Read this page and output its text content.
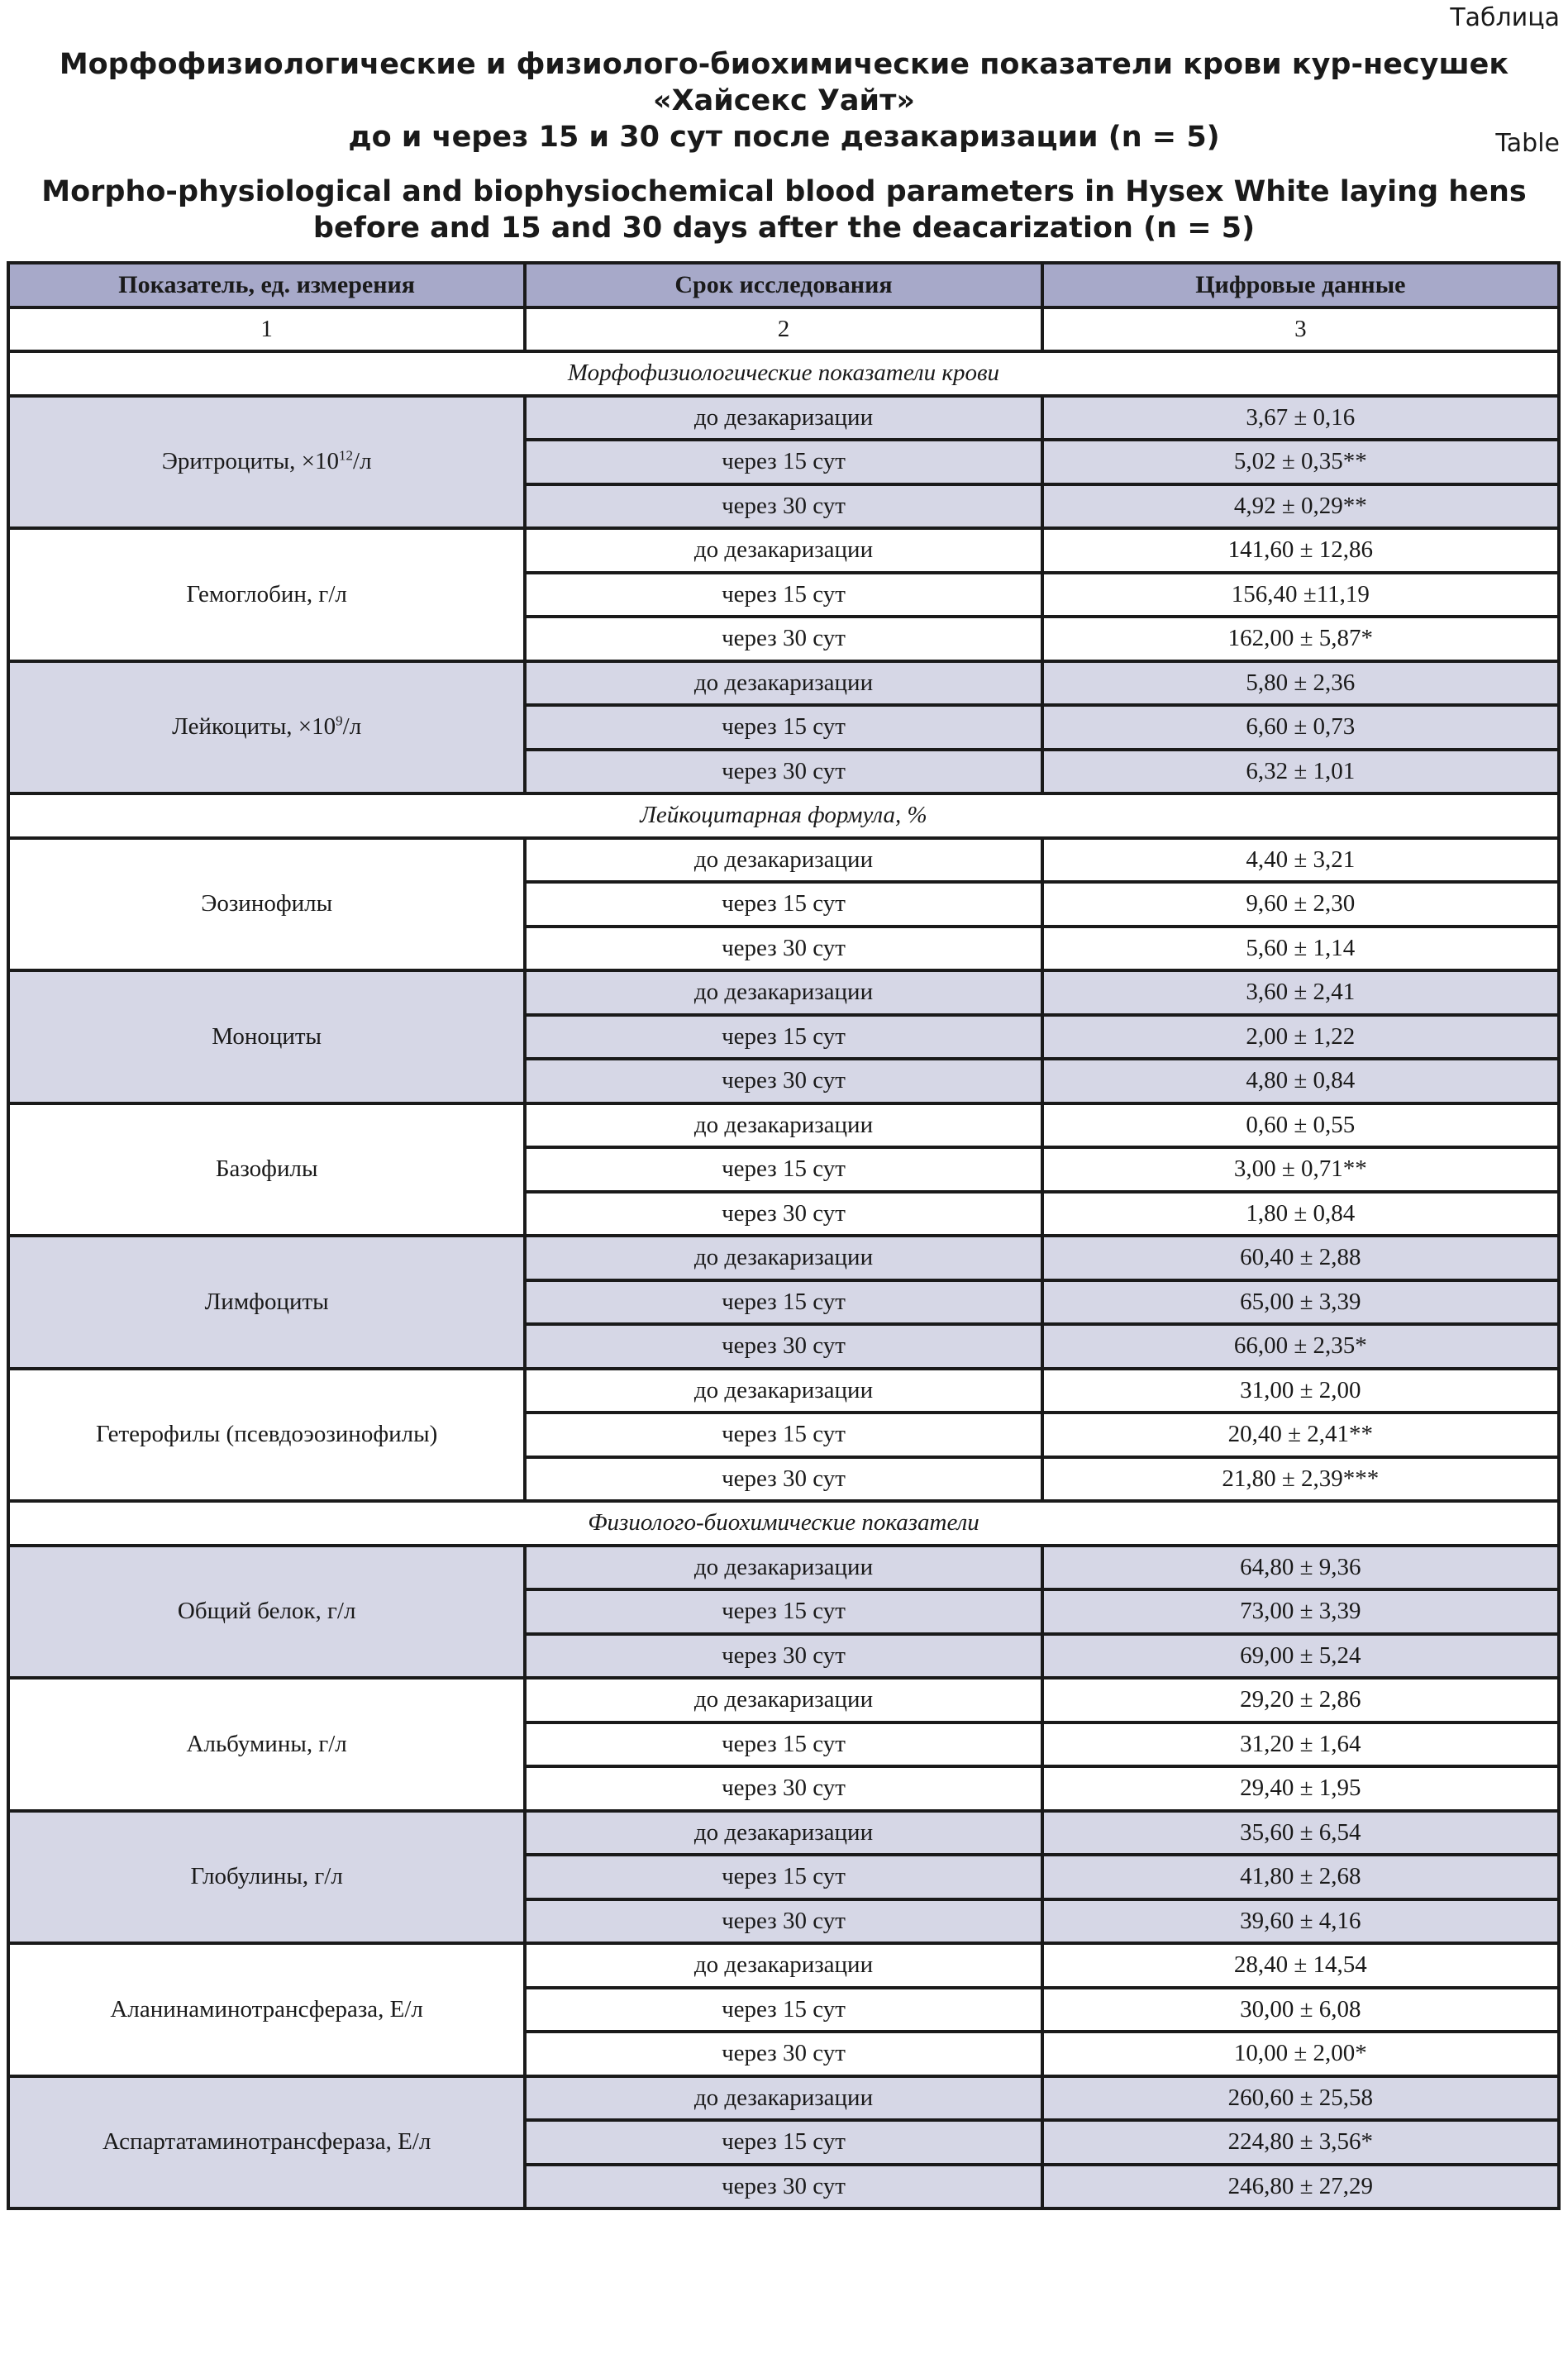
Таблица
Морфофизиологические и физиолого-биохимические показатели крови кур-несушек «Хайсекс Уайт»
до и через 15 и 30 сут после дезакаризации (n = 5)	Table
Morpho-physiological and biophysiochemical blood parameters in Hysex White laying hens
before and 15 and 30 days after the deacarization (n = 5)
Показатель, ед. измерения	Срок исследования	Цифровые данные
1	2	3
Морфофизиологические показатели крови		
Эритроциты, $\times 10^{12}/л$	до дезакаризации	3,67 ± 0,16
	через 15 сут	5,02 ± 0,35**
	через 30 сут	4,92 ± 0,29**
Гемоглобин, г/л	до дезакаризации	141,60 ± 12,86
	через 15 сут	156,40 ±11,19
	через 30 сут	162,00 ± 5,87*
Лейкоциты, $\times 10^9/л$	до дезакаризации	5,80 ± 2,36
	через 15 сут	6,60 ± 0,73
	через 30 сут	6,32 ± 1,01
Лейкоцитарная формула, %		
Эозинофилы	до дезакаризации	4,40 ± 3,21
	через 15 сут	9,60 ± 2,30
	через 30 сут	5,60 ± 1,14
Моноциты	до дезакаризации	3,60 ± 2,41
	через 15 сут	2,00 ± 1,22
	через 30 сут	4,80 ± 0,84
Базофилы	до дезакаризации	0,60 ± 0,55
	через 15 сут	3,00 ± 0,71**
	через 30 сут	1,80 ± 0,84
Лимфоциты	до дезакаризации	60,40 ± 2,88
	через 15 сут	65,00 ± 3,39
	через 30 сут	66,00 ± 2,35*
Гетерофилы (псевдоэозинофилы)	до дезакаризации	31,00 ± 2,00
	через 15 сут	20,40 ± 2,41**
	через 30 сут	21,80 ± 2,39***
Физиолого-биохимические показатели		
Общий белок, г/л	до дезакаризации	64,80 ± 9,36
	через 15 сут	73,00 ± 3,39
	через 30 сут	69,00 ± 5,24
Альбумины, г/л	до дезакаризации	29,20 ± 2,86
	через 15 сут	31,20 ± 1,64
	через 30 сут	29,40 ± 1,95
Глобулины, г/л	до дезакаризации	35,60 ± 6,54
	через 15 сут	41,80 ± 2,68
	через 30 сут	39,60 ± 4,16
Аланинаминотрансфераза, Е/л	до дезакаризации	28,40 ± 14,54
	через 15 сут	30,00 ± 6,08
	через 30 сут	10,00 ± 2,00*
Аспартатаминотрансфераза, Е/л	до дезакаризации	260,60 ± 25,58
	через 15 сут	224,80 ± 3,56*
	через 30 сут	246,80 ± 27,29
